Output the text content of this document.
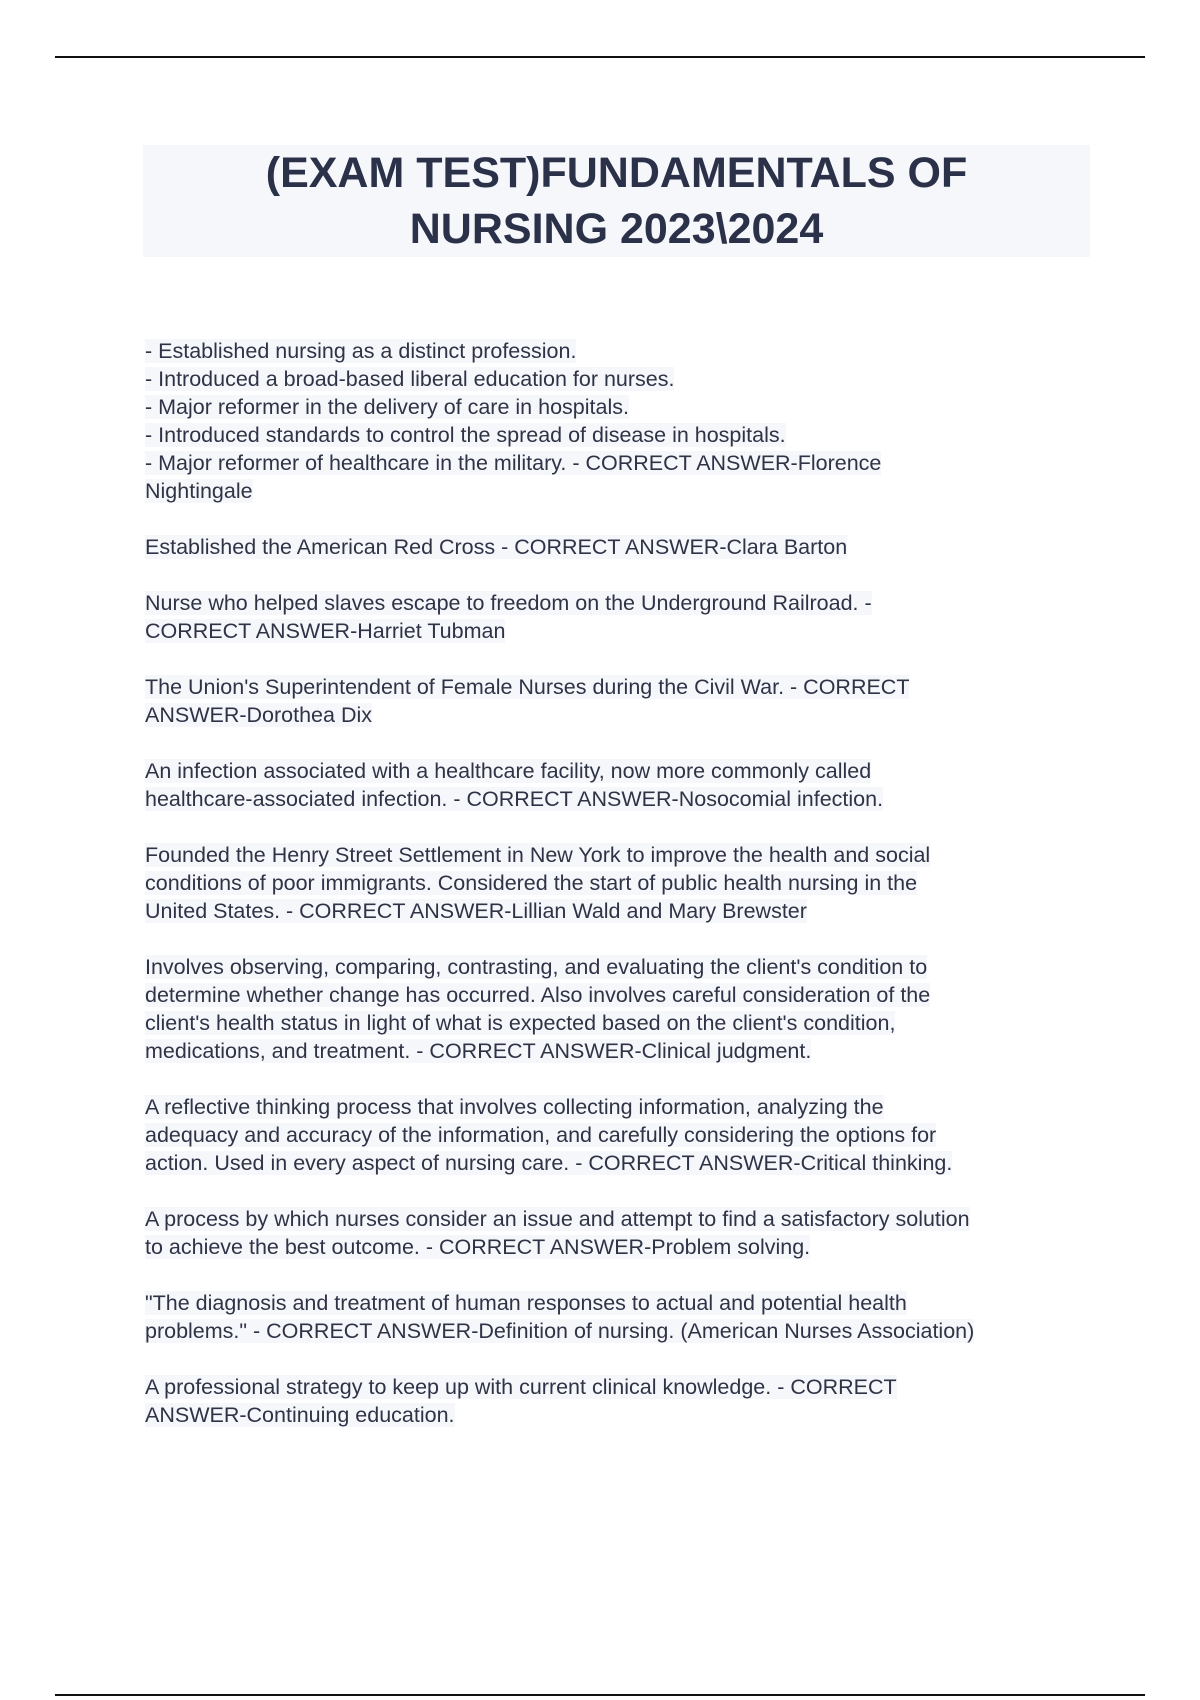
(EXAM TEST)FUNDAMENTALS OF
NURSING 2023\2024

- Established nursing as a distinct profession.
- Introduced a broad-based liberal education for nurses.
- Major reformer in the delivery of care in hospitals.
- Introduced standards to control the spread of disease in hospitals.
- Major reformer of healthcare in the military. - CORRECT ANSWER-Florence
Nightingale

Established the American Red Cross - CORRECT ANSWER-Clara Barton

Nurse who helped slaves escape to freedom on the Underground Railroad. -
CORRECT ANSWER-Harriet Tubman

The Union's Superintendent of Female Nurses during the Civil War. - CORRECT
ANSWER-Dorothea Dix

An infection associated with a healthcare facility, now more commonly called
healthcare-associated infection. - CORRECT ANSWER-Nosocomial infection.

Founded the Henry Street Settlement in New York to improve the health and social
conditions of poor immigrants. Considered the start of public health nursing in the
United States. - CORRECT ANSWER-Lillian Wald and Mary Brewster

Involves observing, comparing, contrasting, and evaluating the client's condition to
determine whether change has occurred. Also involves careful consideration of the
client's health status in light of what is expected based on the client's condition,
medications, and treatment. - CORRECT ANSWER-Clinical judgment.

A reflective thinking process that involves collecting information, analyzing the
adequacy and accuracy of the information, and carefully considering the options for
action. Used in every aspect of nursing care. - CORRECT ANSWER-Critical thinking.

A process by which nurses consider an issue and attempt to find a satisfactory solution
to achieve the best outcome. - CORRECT ANSWER-Problem solving.

"The diagnosis and treatment of human responses to actual and potential health
problems." - CORRECT ANSWER-Definition of nursing. (American Nurses Association)

A professional strategy to keep up with current clinical knowledge. - CORRECT
ANSWER-Continuing education.
